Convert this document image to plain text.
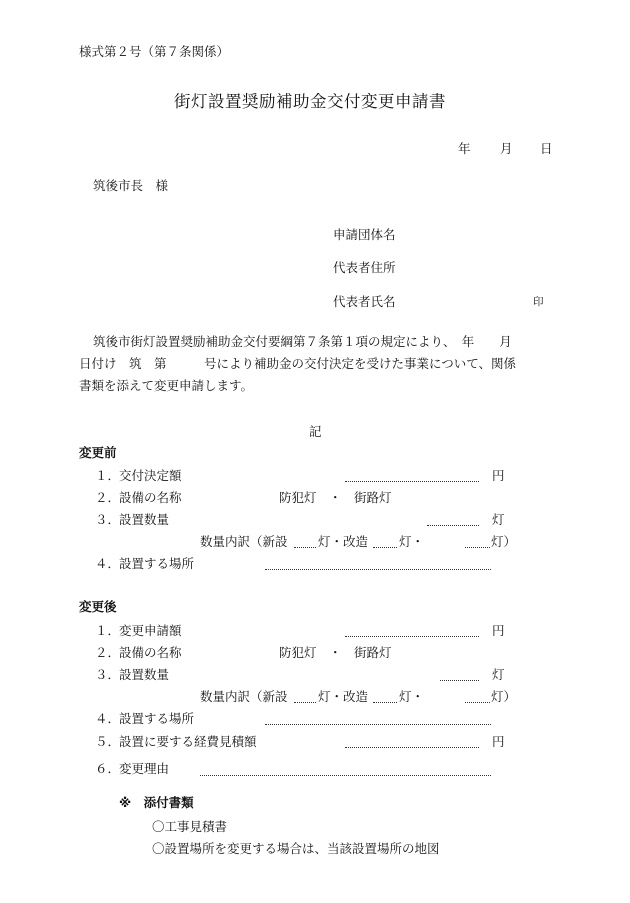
様式第２号（第７条関係）
街灯設置奨励補助金交付変更申請書
年 月 日
筑後市長　様
申請団体名
代表者住所
代表者氏名	印
筑後市街灯設置奨励補助金交付要綱第７条第１項の規定により、　年　　月
日付け　筑　第　　　号により補助金の交付決定を受けた事業について、関係
書類を添えて変更申請します。
記
変更前
１．
交付決定額	円
２．
設備の名称	防犯灯　・　街路灯
３．
設置数量	灯
数量内訳（新設 灯・改造 灯・	灯）
４．
設置する場所
変更後
１．
変更申請額	円
２．
設備の名称	防犯灯　・　街路灯
３．
設置数量	灯
数量内訳（新設 灯・改造 灯・	灯）
４．
設置する場所
５．
設置に要する経費見積額	円
６．
変更理由
※　添付書類
〇工事見積書
〇設置場所を変更する場合は、当該設置場所の地図
